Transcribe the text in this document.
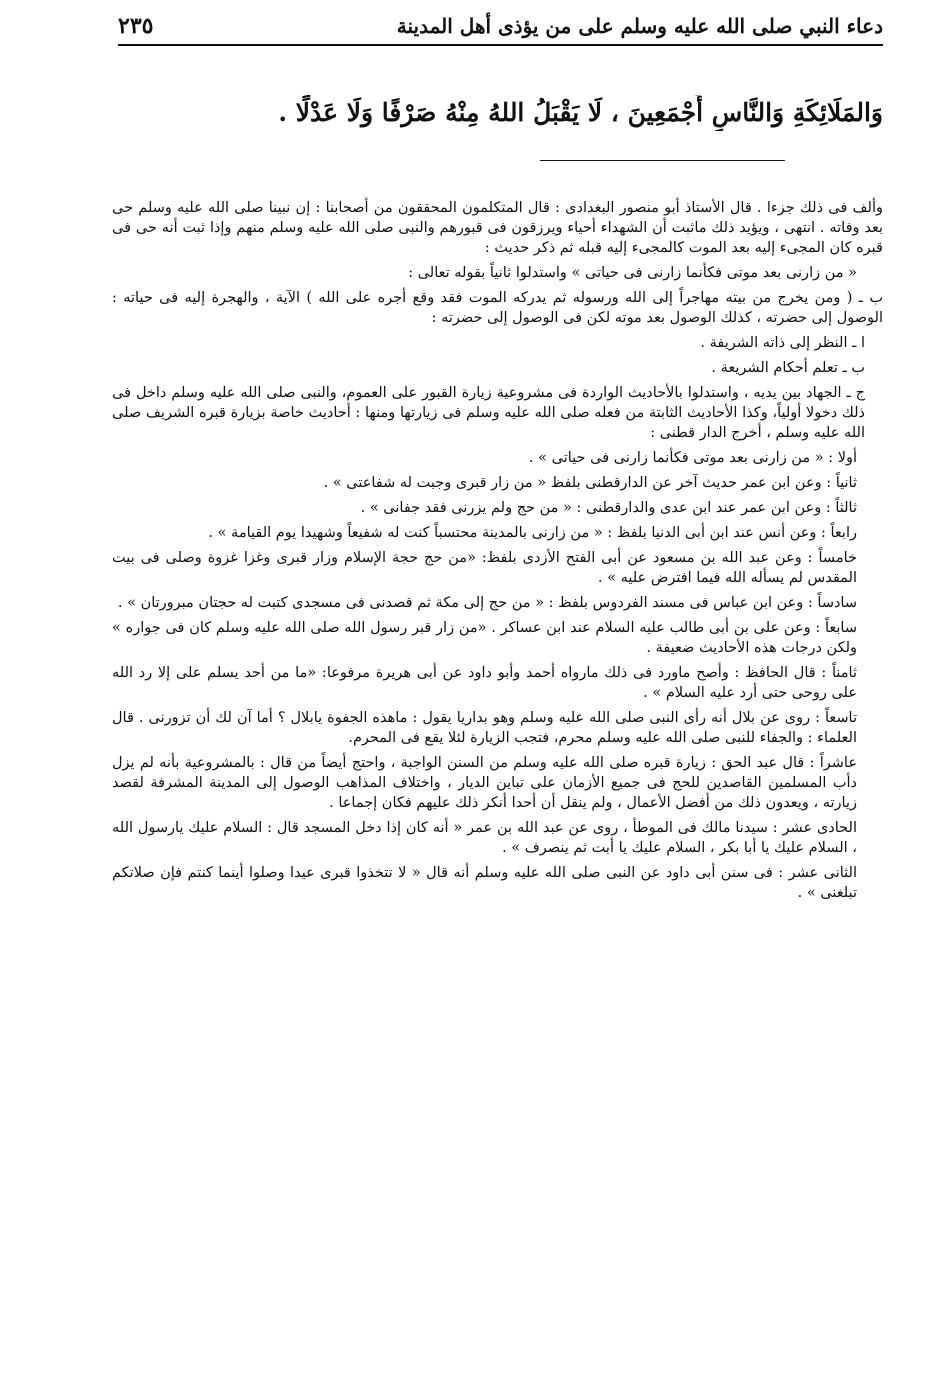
دعاء النبي صلى الله عليه وسلم على من يؤذى أهل المدينة
٢٣٥
وَالمَلَائِكَةِ وَالنَّاسِ أَجْمَعِينَ ، لَا يَقْبَلُ اللهُ مِنْهُ صَرْفًا وَلَا عَدْلًا .

وألف فى ذلك جزءا . قال الأستاذ أبو منصور البغدادى : قال المتكلمون المحققون من أصحابنا : إن نبينا صلى الله عليه وسلم حى بعد وفاته . انتهى ، ويؤيد ذلك ماثبت أن الشهداء أحياء ويرزقون فى قبورهم والنبى صلى الله عليه وسلم منهم وإذا ثبت أنه حى فى قبره كان المجىء إليه بعد الموت كالمجىء إليه قبله ثم ذكر حديث :

« من زارنى بعد موتى فكأنما زارنى فى حياتى » واستدلوا ثانياً بقوله تعالى :

ب ـ ( ومن يخرج من بيته مهاجراً إلى الله ورسوله ثم يدركه الموت فقد وقع أجره على الله ) الآية ، والهجرة إليه فى حياته : الوصول إلى حضرته ، كذلك الوصول بعد موته لكن فى الوصول إلى حضرته :

ا ـ النظر إلى ذاته الشريفة .

ب ـ تعلم أحكام الشريعة .

ج ـ الجهاد بين يديه ، واستدلوا بالأحاديث الواردة فى مشروعية زيارة القبور على العموم، والنبى صلى الله عليه وسلم داخل فى ذلك دخولا أولياً، وكذا الأحاديث الثابتة من فعله صلى الله عليه وسلم فى زيارتها ومنها : أحاديث خاصة بزيارة قبره الشريف صلى الله عليه وسلم ، أخرج الدار قطنى :

أولا : « من زارنى بعد موتى فكأنما زارنى فى حياتى » .

ثانياً : وعن ابن عمر حديث آخر عن الدارقطنى بلفظ « من زار قبرى وجبت له شفاعتى » .

ثالثاً : وعن ابن عمر عند ابن عدى والدارقطنى : « من حج ولم يزرنى فقد جفانى » .

رابعاً : وعن أنس عند ابن أبى الدنيا بلفظ : « من زارنى بالمدينة محتسباً كنت له شفيعاً وشهيدا يوم القيامة » .

خامساً : وعن عبد الله بن مسعود عن أبى الفتح الأزدى بلفظ: «من حج حجة الإسلام وزار قبرى وغزا غزوة وصلى فى بيت المقدس لم يسأله الله فيما افترض عليه » .

سادساً : وعن ابن عباس فى مسند الفردوس بلفظ : « من حج إلى مكة ثم قصدنى فى مسجدى كتبت له حجتان مبرورتان » .

سابعاً : وعن على بن أبى طالب عليه السلام عند ابن عساكر . «من زار قبر رسول الله صلى الله عليه وسلم كان فى جواره » ولكن درجات هذه الأحاديث ضعيفة .

ثامناً : قال الحافظ : وأصح ماورد فى ذلك مارواه أحمد وأبو داود عن أبى هريرة مرفوعا: «ما من أحد يسلم على إلا رد الله على روحى حتى أرد عليه السلام » .

تاسعاً : روى عن بلال أنه رأى النبى صلى الله عليه وسلم وهو بداريا يقول : ماهذه الجفوة يابلال ؟ أما آن لك أن تزورنى . قال العلماء : والجفاء للنبى صلى الله عليه وسلم محرم، فتجب الزيارة لئلا يقع فى المحرم.

عاشراً : قال عبد الحق : زيارة قبره صلى الله عليه وسلم من السنن الواجبة ، واحتج أيضاً من قال : بالمشروعية بأنه لم يزل دأب المسلمين القاصدين للحج فى جميع الأزمان على تباين الديار ، واختلاف المذاهب الوصول إلى المدينة المشرفة لقصد زيارته ، ويعدون ذلك من أفضل الأعمال ، ولم ينقل أن أحدا أنكر ذلك عليهم فكان إجماعا .

الحادى عشر : سيدنا مالك فى الموطأ ، روى عن عبد الله بن عمر « أنه كان إذا دخل المسجد قال : السلام عليك يارسول الله ، السلام عليك يا أبا بكر ، السلام عليك يا أبت ثم ينصرف » .

الثانى عشر : فى سنن أبى داود عن النبى صلى الله عليه وسلم أنه قال « لا تتخذوا قبرى عيدا وصلوا أينما كنتم فإن صلاتكم تبلغنى » .
